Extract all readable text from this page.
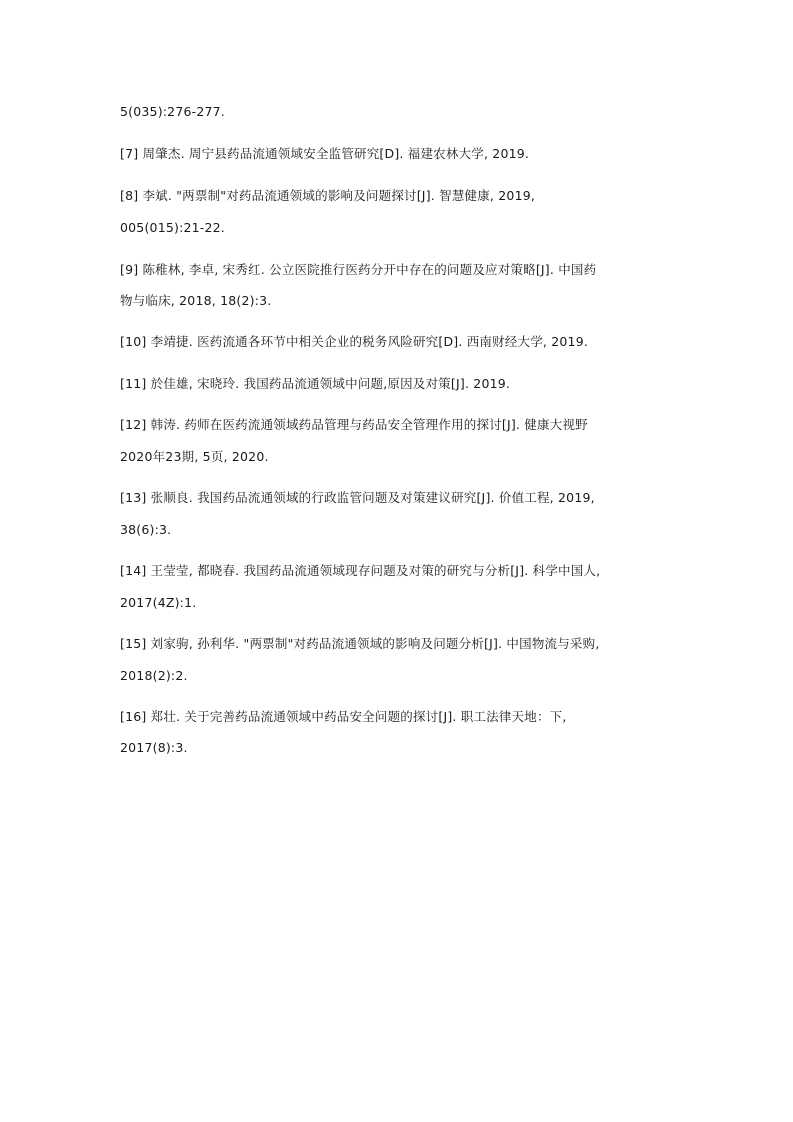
5(035):276-277.
[7] 周肇杰. 周宁县药品流通领域安全监管研究[D]. 福建农林大学, 2019.
[8] 李斌. "两票制"对药品流通领域的影响及问题探讨[J]. 智慧健康, 2019,
005(015):21-22.
[9] 陈稚林, 李卓, 宋秀红. 公立医院推行医药分开中存在的问题及应对策略[J]. 中国药
物与临床, 2018, 18(2):3.
[10] 李靖捷. 医药流通各环节中相关企业的税务风险研究[D]. 西南财经大学, 2019.
[11] 於佳雄, 宋晓玲. 我国药品流通领域中问题,原因及对策[J]. 2019.
[12] 韩涛. 药师在医药流通领域药品管理与药品安全管理作用的探讨[J]. 健康大视野
2020年23期, 5页, 2020.
[13] 张顺良. 我国药品流通领域的行政监管问题及对策建议研究[J]. 价值工程, 2019,
38(6):3.
[14] 王莹莹, 都晓春. 我国药品流通领域现存问题及对策的研究与分析[J]. 科学中国人,
2017(4Z):1.
[15] 刘家驹, 孙利华. "两票制"对药品流通领域的影响及问题分析[J]. 中国物流与采购,
2018(2):2.
[16] 郑壮. 关于完善药品流通领域中药品安全问题的探讨[J]. 职工法律天地：下,
2017(8):3.
